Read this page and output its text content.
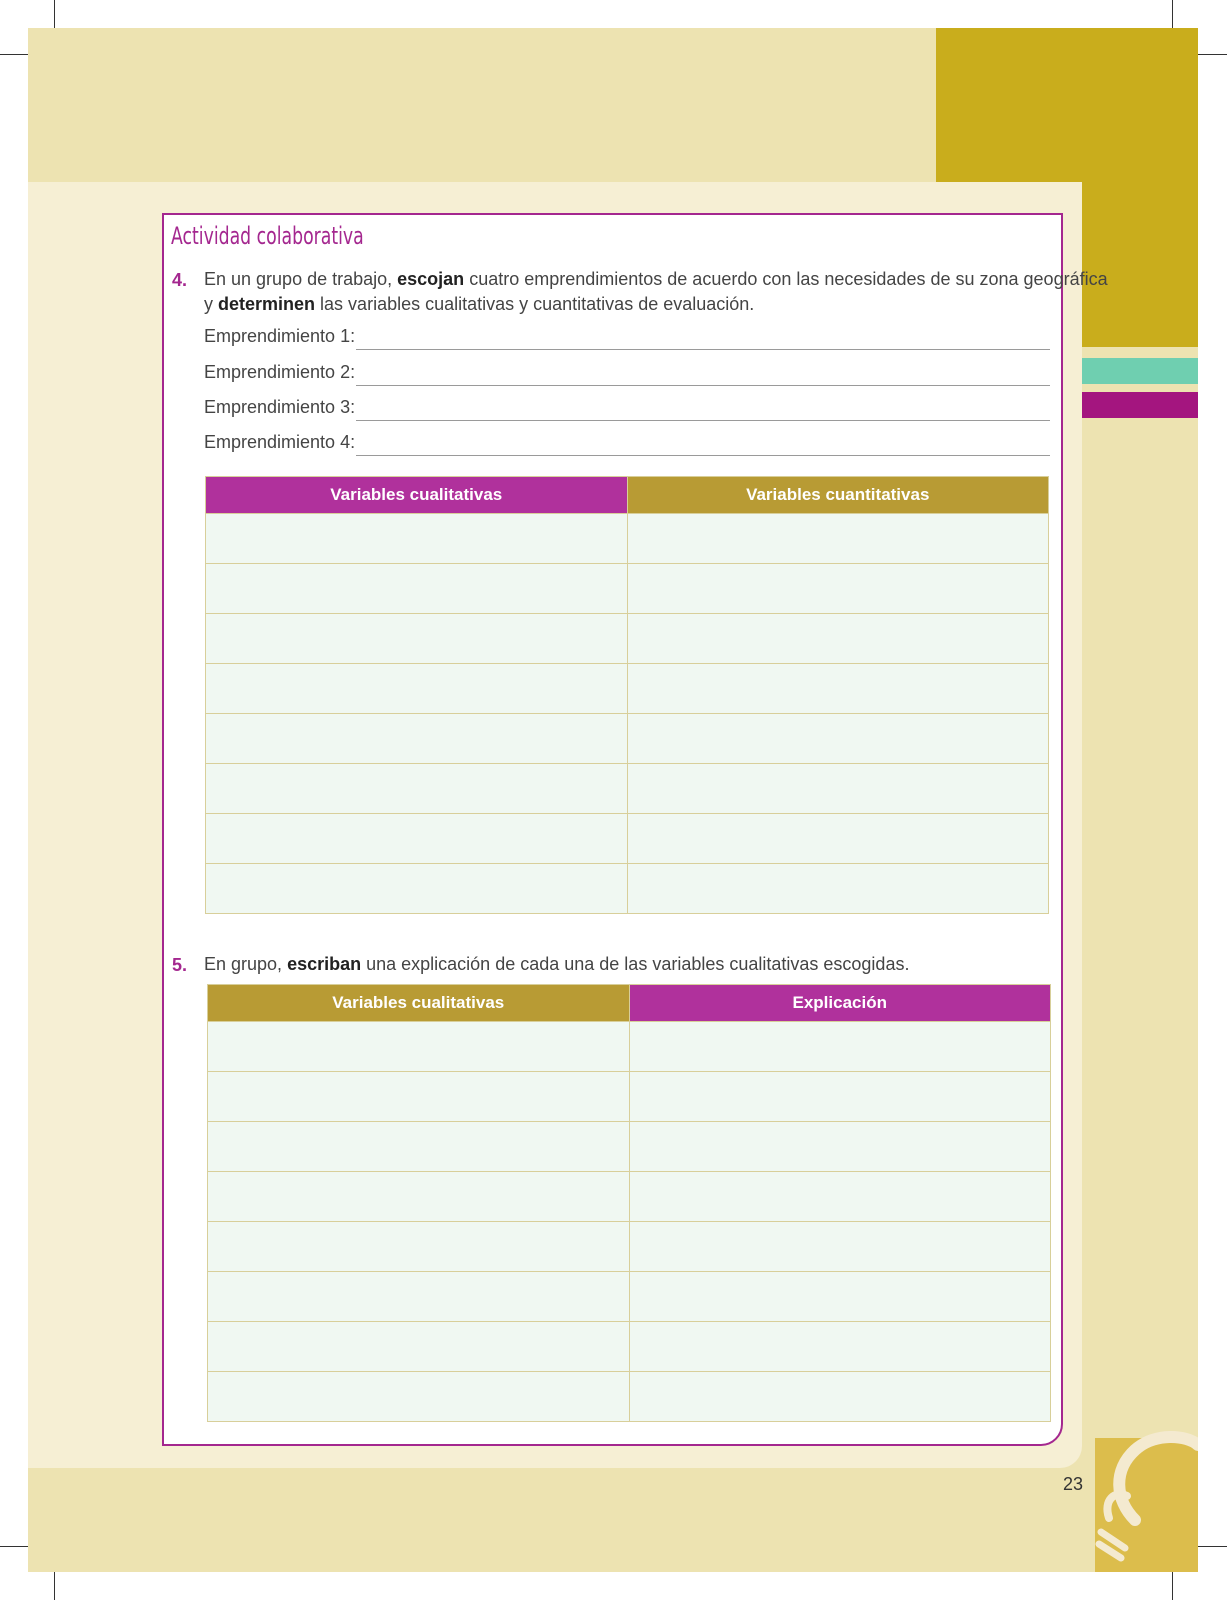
Actividad colaborativa
4. En un grupo de trabajo, escojan cuatro emprendimientos de acuerdo con las necesidades de su zona geográfica
y determinen las variables cualitativas y cuantitativas de evaluación.
Emprendimiento 1:
Emprendimiento 2:
Emprendimiento 3:
Emprendimiento 4:
Variables cualitativas	Variables cuantitativas

5. En grupo, escriban una explicación de cada una de las variables cualitativas escogidas.
Variables cualitativas	Explicación

23
